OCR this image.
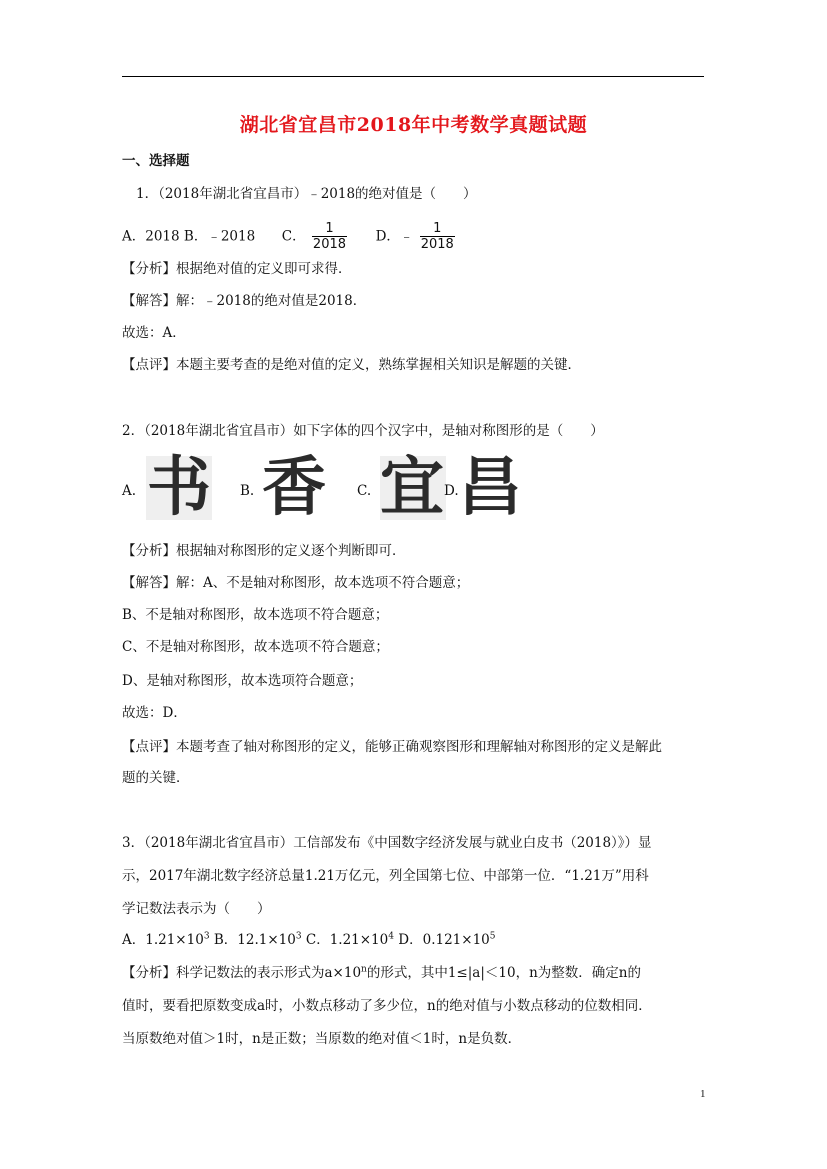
湖北省宜昌市2018年中考数学真题试题
一、选择题
1．（2018年湖北省宜昌市）﹣2018的绝对值是（　　）
A．2018 B．﹣2018 C． $\frac{1}{2018}$ D．﹣ $\frac{1}{2018}$
【分析】根据绝对值的定义即可求得．
【解答】解：﹣2018的绝对值是2018．
故选：A．
【点评】本题主要考查的是绝对值的定义，熟练掌握相关知识是解题的关键．
2．（2018年湖北省宜昌市）如下字体的四个汉字中，是轴对称图形的是（　　）
A. 书 B. 香 C. 宜 D. 昌
【分析】根据轴对称图形的定义逐个判断即可．
【解答】解：A、不是轴对称图形，故本选项不符合题意；
B、不是轴对称图形，故本选项不符合题意；
C、不是轴对称图形，故本选项不符合题意；
D、是轴对称图形，故本选项符合题意；
故选：D．
【点评】本题考查了轴对称图形的定义，能够正确观察图形和理解轴对称图形的定义是解此
题的关键．
3．（2018年湖北省宜昌市）工信部发布《中国数字经济发展与就业白皮书（2018）》）显
示，2017年湖北数字经济总量1.21万亿元，列全国第七位、中部第一位．“1.21万”用科
学记数法表示为（　　）
A．$1.21\times 10^3$ B．$12.1\times 10^3$ C．$1.21\times 10^4$ D．$0.121\times 10^5$
【分析】科学记数法的表示形式为$a\times 10^n$的形式，其中1≤|a|＜10，n为整数．确定n的
值时，要看把原数变成a时，小数点移动了多少位，n的绝对值与小数点移动的位数相同．
当原数绝对值＞1时，n是正数；当原数的绝对值＜1时，n是负数．
1
